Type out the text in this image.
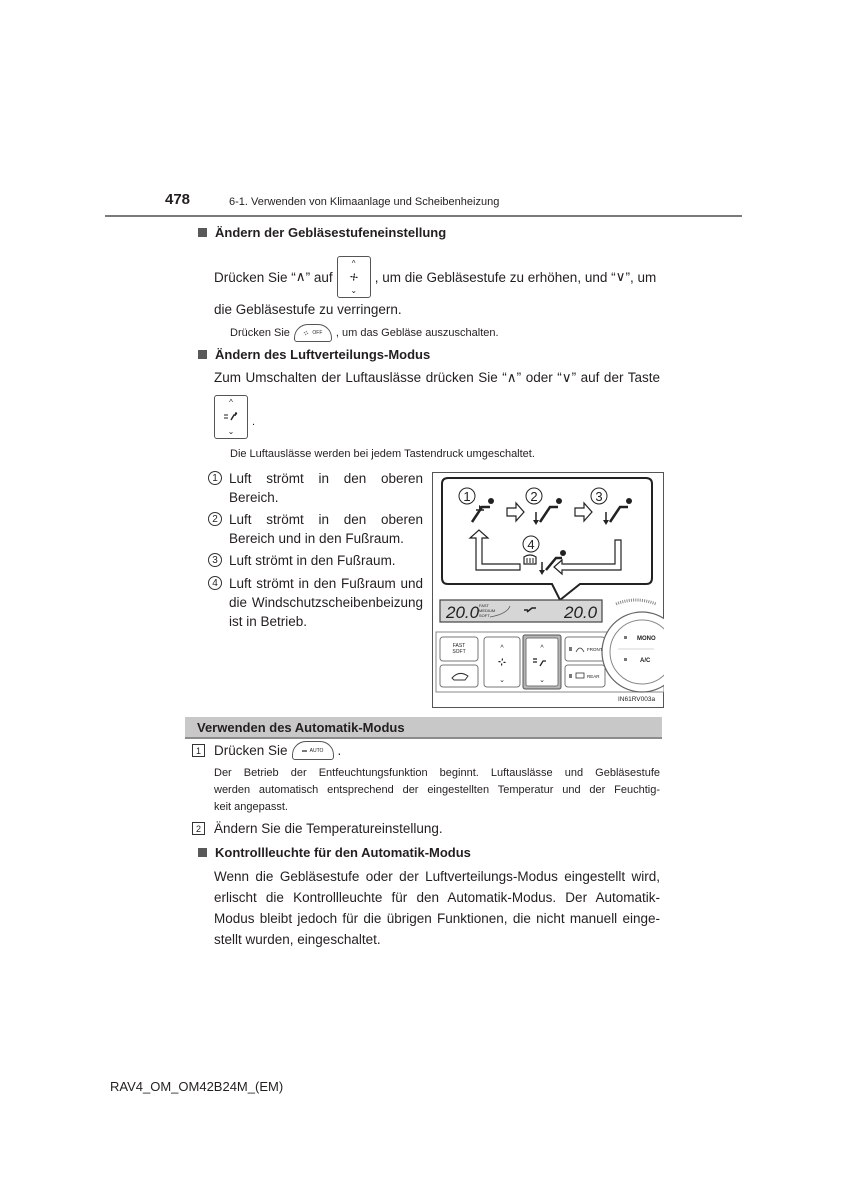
478	6-1. Verwenden von Klimaanlage und Scheibenheizung
Ändern der Gebläsestufeneinstellung
Drücken Sie “ ∧ ” auf
^
⌄
, um die Gebläsestufe zu erhöhen, und “ ∨ ”, um
die Gebläsestufe zu verringern.
Drücken Sie	OFF , um das Gebläse auszuschalten.
Ändern des Luftverteilungs-Modus
Zum Umschalten der Luftauslässe drücken Sie “∧” oder “∨” auf der Taste
^
⌄
.
Die Luftauslässe werden bei jedem Tastendruck umgeschaltet.
1 Luft strömt in den oberen Bereich.
2 Luft strömt in den oberen Bereich und in den Fußraum.
3 Luft strömt in den Fußraum.
4 Luft strömt in den Fußraum und die Windschutzscheibenbeizung ist in Betrieb.
1	2	3
4
20.0 FAST
MEDIUM
SOFT	20.0
FAST
SOFT	^
⌄
^
⌄
FRONT
REAR
MONO
A/C
IN61RV003a
Verwenden des Automatik-Modus
1 Drücken Sie	AUTO .
Der Betrieb der Entfeuchtungsfunktion beginnt. Luftauslässe und Gebläsestufe
werden automatisch entsprechend der eingestellten Temperatur und der Feuchtig-
keit angepasst.
2 Ändern Sie die Temperatureinstellung.
Kontrollleuchte für den Automatik-Modus
Wenn die Gebläsestufe oder der Luftverteilungs-Modus eingestellt wird,
erlischt die Kontrollleuchte für den Automatik-Modus. Der Automatik-
Modus bleibt jedoch für die übrigen Funktionen, die nicht manuell einge-
stellt wurden, eingeschaltet.
RAV4_OM_OM42B24M_(EM)
